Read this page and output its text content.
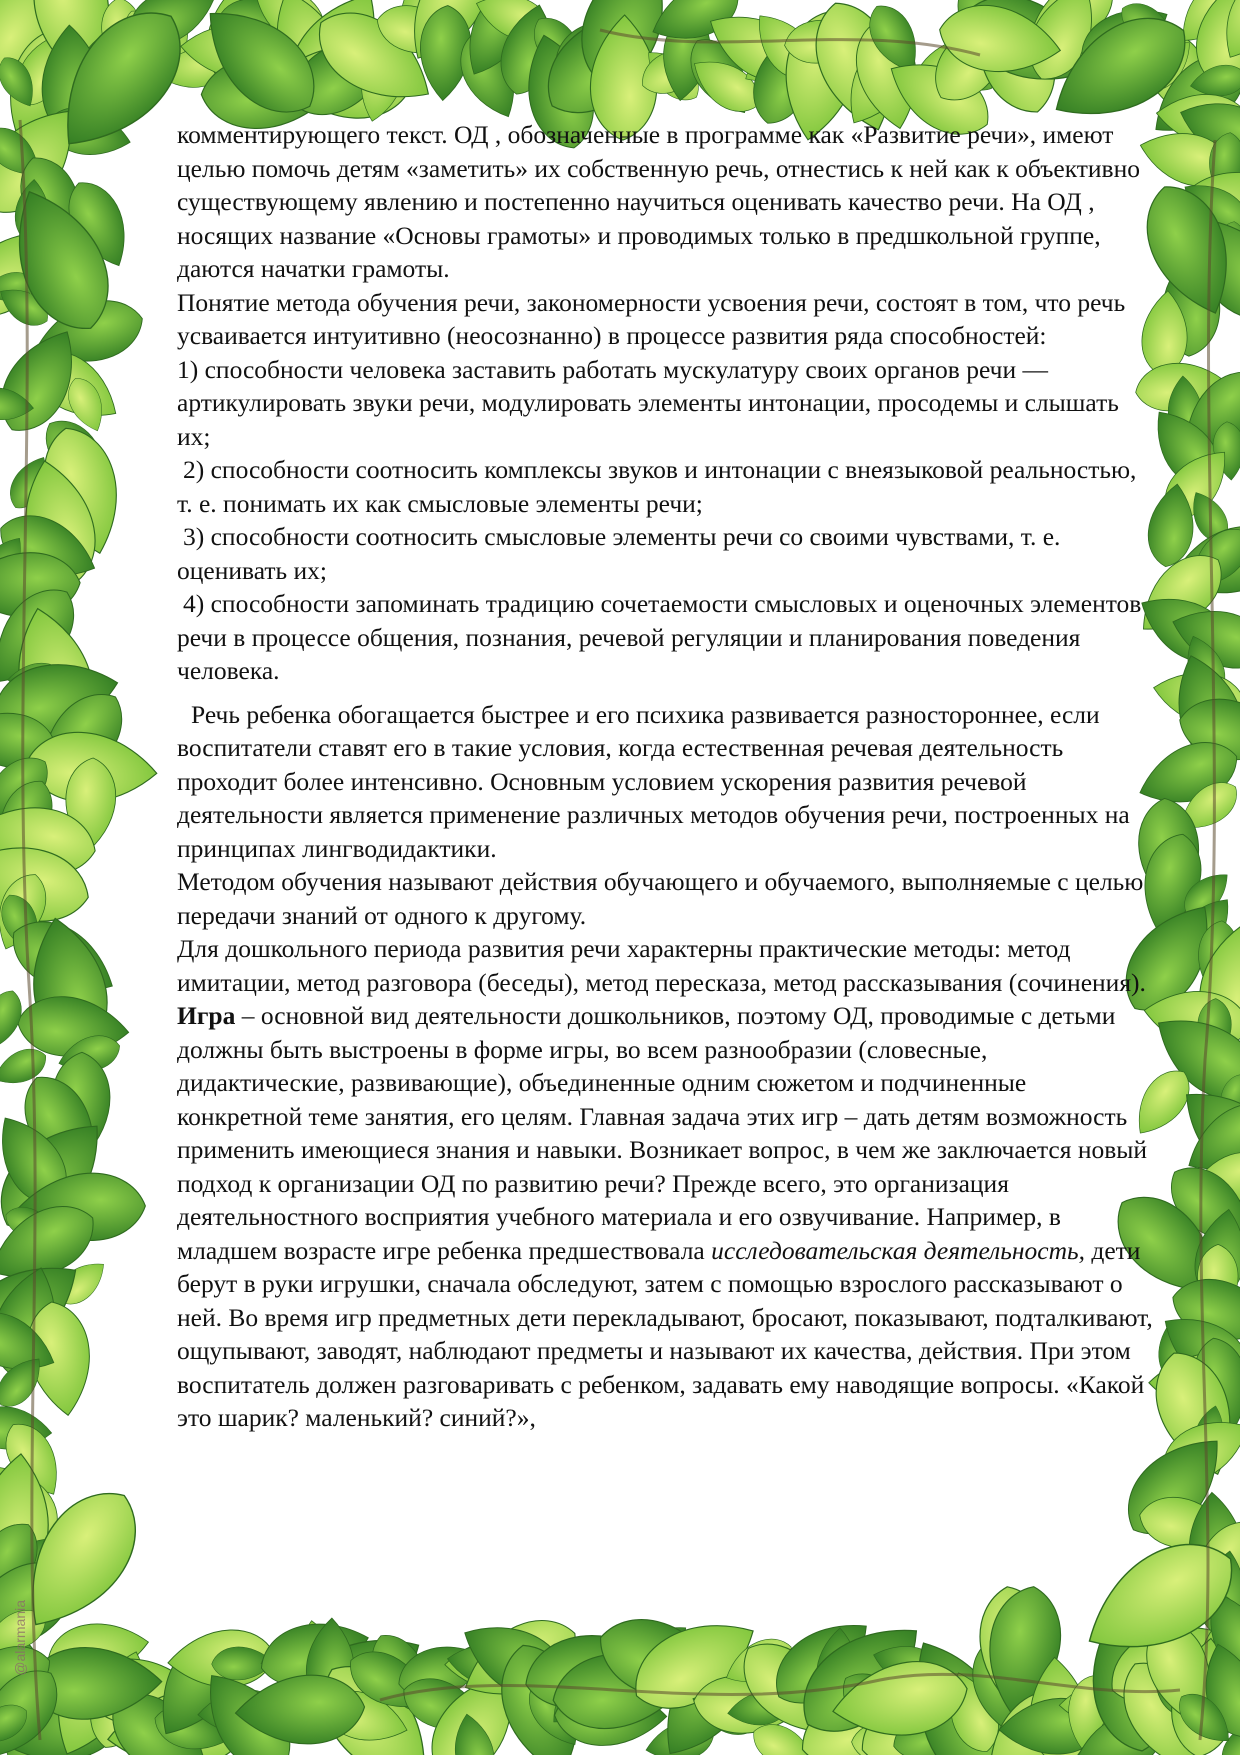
комментирующего текст. ОД , обозначенные в программе как «Развитие речи», имеют целью помочь детям «заметить» их собственную речь, отнестись к ней как к объективно существующему явлению и постепенно научиться оценивать качество речи. На ОД , носящих название «Основы грамоты» и проводимых только в предшкольной группе, даются начатки грамоты.

Понятие метода обучения речи, закономерности усвоения речи, состоят в том, что речь усваивается интуитивно (неосознанно) в процессе развития ряда способностей:

1) способности человека заставить работать мускулатуру своих органов речи — артикулировать звуки речи, модулировать элементы интонации, просодемы и слышать их;

2) способности соотносить комплексы звуков и интонации с внеязыковой реальностью, т. е. понимать их как смысловые элементы речи;

3) способности соотносить смысловые элементы речи со своими чувствами, т. е. оценивать их;

4) способности запоминать традицию сочетаемости смысловых и оценочных элементов речи в процессе общения, познания, речевой регуляции и планирования поведения человека.

Речь ребенка обогащается быстрее и его психика развивается разностороннее, если воспитатели ставят его в такие условия, когда естественная речевая деятельность проходит более интенсивно. Основным условием ускорения развития речевой деятельности является применение различных методов обучения речи, построенных на принципах лингводидактики.

Методом обучения называют действия обучающего и обучаемого, выполняемые с целью передачи знаний от одного к другому.

Для дошкольного периода развития речи характерны практические методы: метод имитации, метод разговора (беседы), метод пересказа, метод рассказывания (сочинения).

Игра – основной вид деятельности дошкольников, поэтому ОД, проводимые с детьми должны быть выстроены в форме игры, во всем разнообразии (словесные, дидактические, развивающие), объединенные одним сюжетом и подчиненные конкретной теме занятия, его целям. Главная задача этих игр – дать детям возможность применить имеющиеся знания и навыки. Возникает вопрос, в чем же заключается новый подход к организации ОД по развитию речи? Прежде всего, это организация деятельностного восприятия учебного материала и его озвучивание. Например, в младшем возрасте игре ребенка предшествовала исследовательская деятельность, дети берут в руки игрушки, сначала обследуют, затем с помощью взрослого рассказывают о ней. Во время игр предметных дети перекладывают, бросают, показывают, подталкивают, ощупывают, заводят, наблюдают предметы и называют их качества, действия. При этом воспитатель должен разговаривать с ребенком, задавать ему наводящие вопросы. «Какой это шарик? маленький? синий?»,

@alarmania
